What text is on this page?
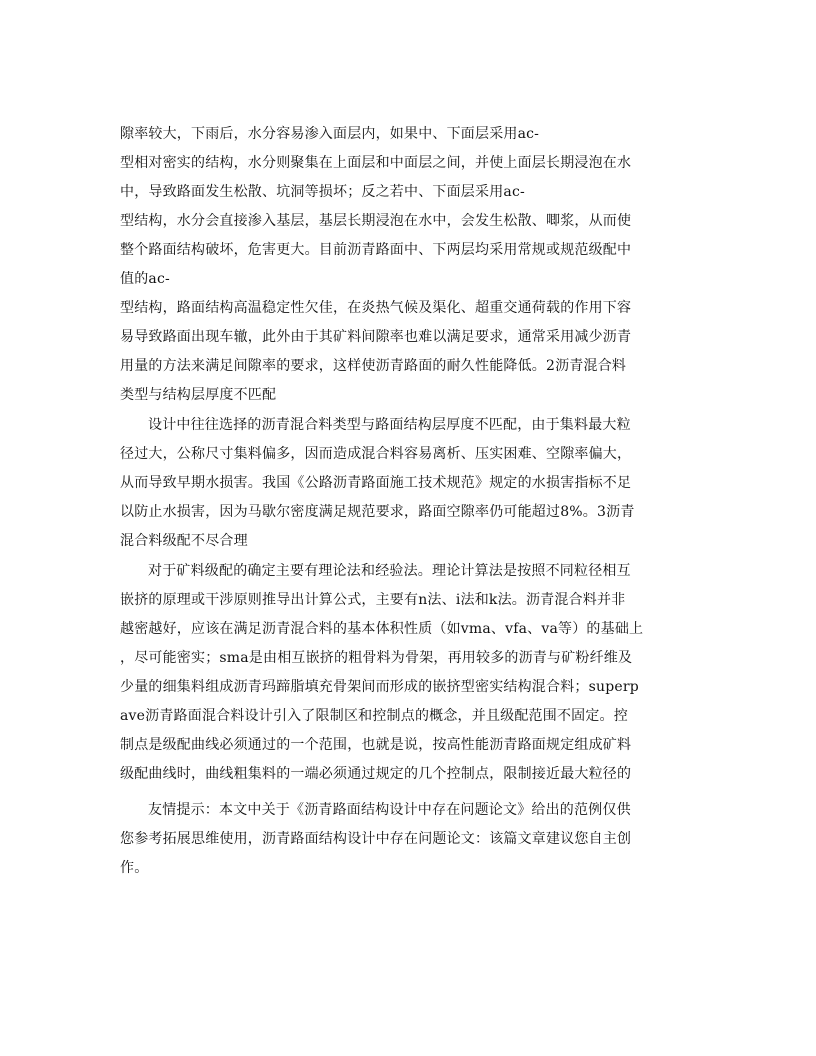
隙率较大，下雨后，水分容易渗入面层内，如果中、下面层采用ac-
型相对密实的结构，水分则聚集在上面层和中面层之间，并使上面层长期浸泡在水
中，导致路面发生松散、坑洞等损坏；反之若中、下面层采用ac-
型结构，水分会直接渗入基层，基层长期浸泡在水中，会发生松散、唧浆，从而使
整个路面结构破坏，危害更大。目前沥青路面中、下两层均采用常规或规范级配中
值的ac-
型结构，路面结构高温稳定性欠佳，在炎热气候及渠化、超重交通荷载的作用下容
易导致路面出现车辙，此外由于其矿料间隙率也难以满足要求，通常采用减少沥青
用量的方法来满足间隙率的要求，这样使沥青路面的耐久性能降低。2沥青混合料
类型与结构层厚度不匹配
设计中往往选择的沥青混合料类型与路面结构层厚度不匹配，由于集料最大粒
径过大，公称尺寸集料偏多，因而造成混合料容易离析、压实困难、空隙率偏大，
从而导致早期水损害。我国《公路沥青路面施工技术规范》规定的水损害指标不足
以防止水损害，因为马歇尔密度满足规范要求，路面空隙率仍可能超过8%。3沥青
混合料级配不尽合理
对于矿料级配的确定主要有理论法和经验法。理论计算法是按照不同粒径相互
嵌挤的原理或干涉原则推导出计算公式，主要有n法、i法和k法。沥青混合料并非
越密越好，应该在满足沥青混合料的基本体积性质（如vma、vfa、va等）的基础上
，尽可能密实；sma是由相互嵌挤的粗骨料为骨架，再用较多的沥青与矿粉纤维及
少量的细集料组成沥青玛蹄脂填充骨架间而形成的嵌挤型密实结构混合料；superp
ave沥青路面混合料设计引入了限制区和控制点的概念，并且级配范围不固定。控
制点是级配曲线必须通过的一个范围，也就是说，按高性能沥青路面规定组成矿料
级配曲线时，曲线粗集料的一端必须通过规定的几个控制点，限制接近最大粒径的
友情提示：本文中关于《沥青路面结构设计中存在问题论文》给出的范例仅供
您参考拓展思维使用，沥青路面结构设计中存在问题论文：该篇文章建议您自主创
作。
